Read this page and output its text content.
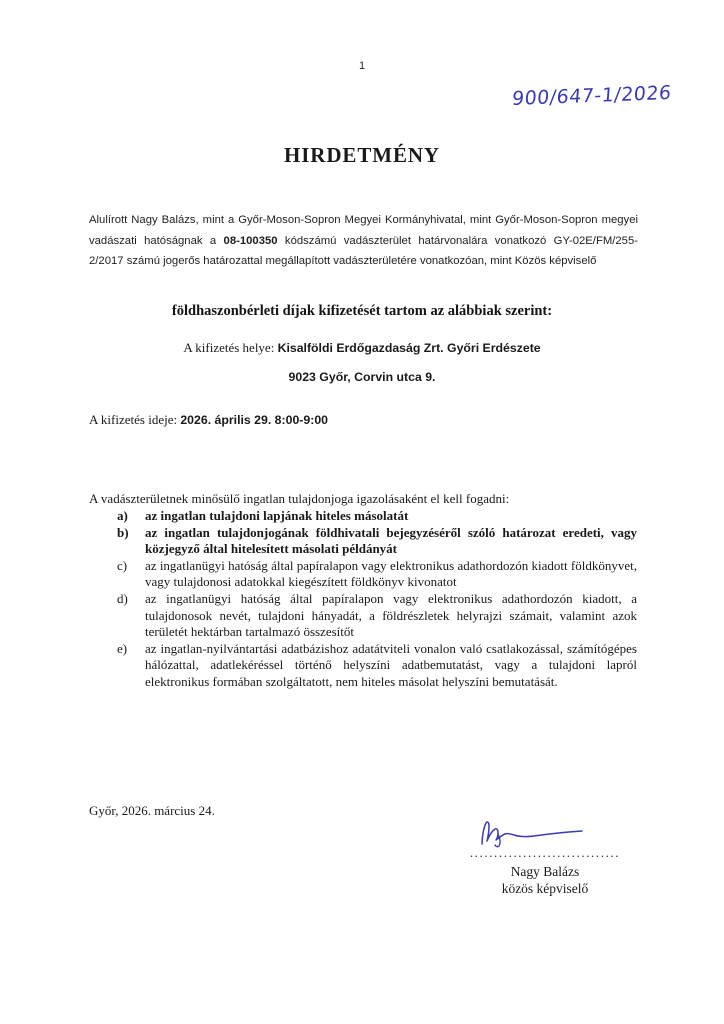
1
900/647-1/2026
HIRDETMÉNY

Alulírott Nagy Balázs, mint a Győr-Moson-Sopron Megyei Kormányhivatal, mint Győr-Moson-Sopron megyei vadászati hatóságnak a 08-100350 kódszámú vadászterület határvonalára vonatkozó GY-02E/FM/255-2/2017 számú jogerős határozattal megállapított vadászterületére vonatkozóan, mint Közös képviselő

földhaszonbérleti díjak kifizetését tartom az alábbiak szerint:
A kifizetés helye: Kisalföldi Erdőgazdaság Zrt. Győri Erdészete
9023 Győr, Corvin utca 9.
A kifizetés ideje: 2026. április 29. 8:00-9:00
A vadászterületnek minősülő ingatlan tulajdonjoga igazolásaként el kell fogadni:
a)	az ingatlan tulajdoni lapjának hiteles másolatát
b)	az ingatlan tulajdonjogának földhivatali bejegyzéséről szóló határozat eredeti, vagy közjegyző által hitelesített másolati példányát
c)	az ingatlanügyi hatóság által papíralapon vagy elektronikus adathordozón kiadott földkönyvet, vagy tulajdonosi adatokkal kiegészített földkönyv kivonatot
d)	az ingatlanügyi hatóság által papíralapon vagy elektronikus adathordozón kiadott, a tulajdonosok nevét, tulajdoni hányadát, a földrészletek helyrajzi számait, valamint azok területét hektárban tartalmazó összesítőt
e)	az ingatlan-nyilvántartási adatbázishoz adatátviteli vonalon való csatlakozással, számítógépes hálózattal, adatlekéréssel történő helyszíni adatbemutatást, vagy a tulajdoni lapról elektronikus formában szolgáltatott, nem hiteles másolat helyszíni bemutatását.
Győr, 2026. március 24.
...............................
Nagy Balázs
közös képviselő
